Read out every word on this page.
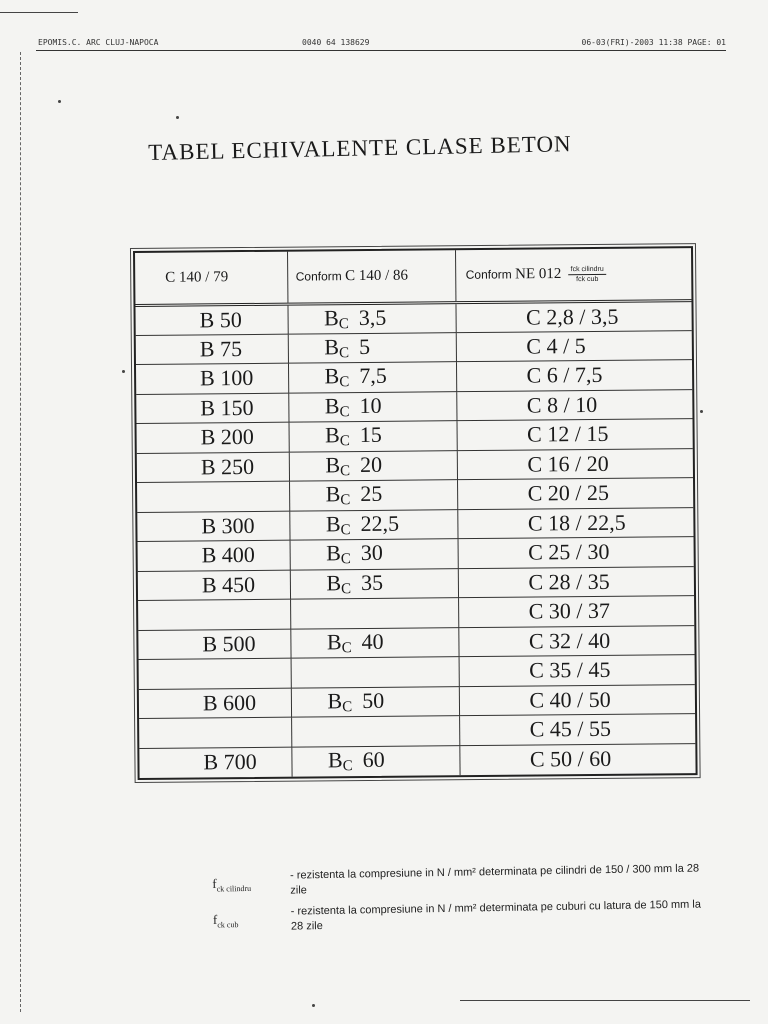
EPOMIS.C. ARC CLUJ-NAPOCA	0040 64 138629	06-03(FRI)-2003 11:38 PAGE: 01
TABEL ECHIVALENTE CLASE BETON
C 140 / 79	Conform C 140 / 86	Conform NE $012 \frac{\text{fck cilindru}}{\text{fck cub}}$

B 50	$B_C$ 3,5	C 2,8 / 3,5
B 75	$B_C$ 5	C 4 / 5
B 100	$B_C$ 7,5	C 6 / 7,5
B 150	$B_C$ 10	C 8 / 10
B 200	$B_C$ 15	C 12 / 15
B 250	$B_C$ 20	C 16 / 20
	$B_C$ 25	C 20 / 25
B 300	$B_C$ 22,5	C 18 / 22,5
B 400	$B_C$ 30	C 25 / 30
B 450	$B_C$ 35	C 28 / 35
		C 30 / 37
B 500	$B_C$ 40	C 32 / 40
		C 35 / 45
B 600	$B_C$ 50	C 40 / 50
		C 45 / 55
B 700	$B_C$ 60	C 50 / 60
$f_{ck cilindru}$
- rezistenta la compresiune in N / mm² determinata pe cilindri de 150 / 300 mm la 28 zile
$f_{ck cub}$
- rezistenta la compresiune in N / mm² determinata pe cuburi cu latura de 150 mm la 28 zile
